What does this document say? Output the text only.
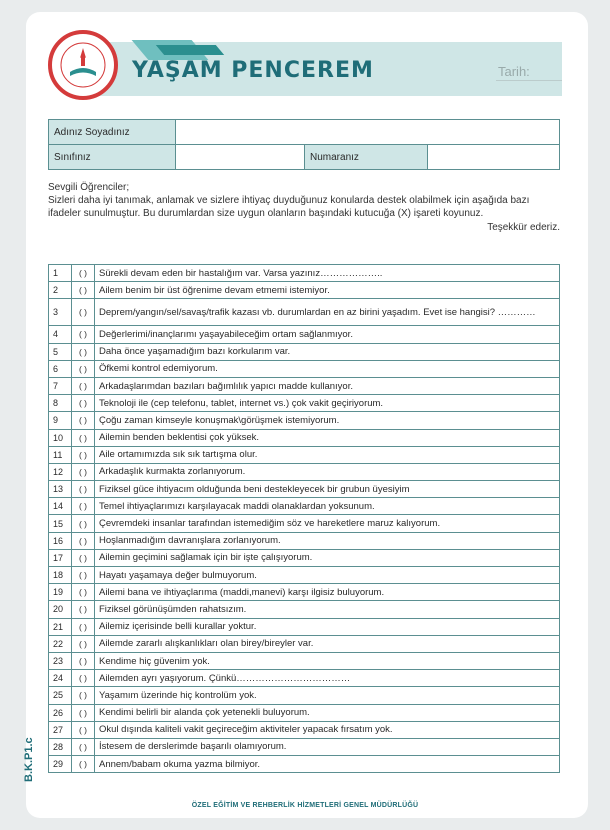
YAŞAM PENCEREM	Tarih:
Adınız Soyadınız			
Sınıfınız		Numaranız	
Sevgili Öğrenciler;
Sizleri daha iyi tanımak, anlamak ve sizlere ihtiyaç duyduğunuz konularda destek olabilmek için aşağıda bazı ifadeler sunulmuştur. Bu durumlardan size uygun olanların başındaki kutucuğa (X) işareti koyunuz.
Teşekkür ederiz.
1	( )	Sürekli devam eden bir hastalığım var. Varsa yazınız………………..
2	( )	Ailem benim bir üst öğrenime devam etmemi istemiyor.
3	( )	Deprem/yangın/sel/savaş/trafik kazası vb. durumlardan en az birini yaşadım. Evet ise hangisi? …………
4	( )	Değerlerimi/inançlarımı yaşayabileceğim ortam sağlanmıyor.
5	( )	Daha önce yaşamadığım bazı korkularım var.
6	( )	Öfkemi kontrol edemiyorum.
7	( )	Arkadaşlarımdan bazıları bağımlılık yapıcı madde kullanıyor.
8	( )	Teknoloji ile (cep telefonu, tablet, internet vs.) çok vakit geçiriyorum.
9	( )	Çoğu zaman kimseyle konuşmak\görüşmek istemiyorum.
10	( )	Ailemin benden beklentisi çok yüksek.
11	( )	Aile ortamımızda sık sık tartışma olur.
12	( )	Arkadaşlık kurmakta zorlanıyorum.
13	( )	Fiziksel güce ihtiyacım olduğunda beni destekleyecek bir grubun üyesiyim
14	( )	Temel ihtiyaçlarımızı karşılayacak maddi olanaklardan yoksunum.
15	( )	Çevremdeki insanlar tarafından istemediğim söz ve hareketlere maruz kalıyorum.
16	( )	Hoşlanmadığım davranışlara zorlanıyorum.
17	( )	Ailemin geçimini sağlamak için bir işte çalışıyorum.
18	( )	Hayatı yaşamaya değer bulmuyorum.
19	( )	Ailemi bana ve ihtiyaçlarıma (maddi,manevi) karşı ilgisiz buluyorum.
20	( )	Fiziksel görünüşümden rahatsızım.
21	( )	Ailemiz içerisinde belli kurallar yoktur.
22	( )	Ailemde zararlı alışkanlıkları olan birey/bireyler var.
23	( )	Kendime hiç güvenim yok.
24	( )	Ailemden ayrı yaşıyorum. Çünkü………………………………
25	( )	Yaşamım üzerinde hiç kontrolüm yok.
26	( )	Kendimi belirli bir alanda çok yetenekli buluyorum.
27	( )	Okul dışında kaliteli vakit geçireceğim aktiviteler yapacak fırsatım yok.
28	( )	İstesem de derslerimde başarılı olamıyorum.
29	( )	Annem/babam okuma yazma bilmiyor.
B.K.P1.c
ÖZEL EĞİTİM VE REHBERLİK HİZMETLERİ GENEL MÜDÜRLÜĞÜ
